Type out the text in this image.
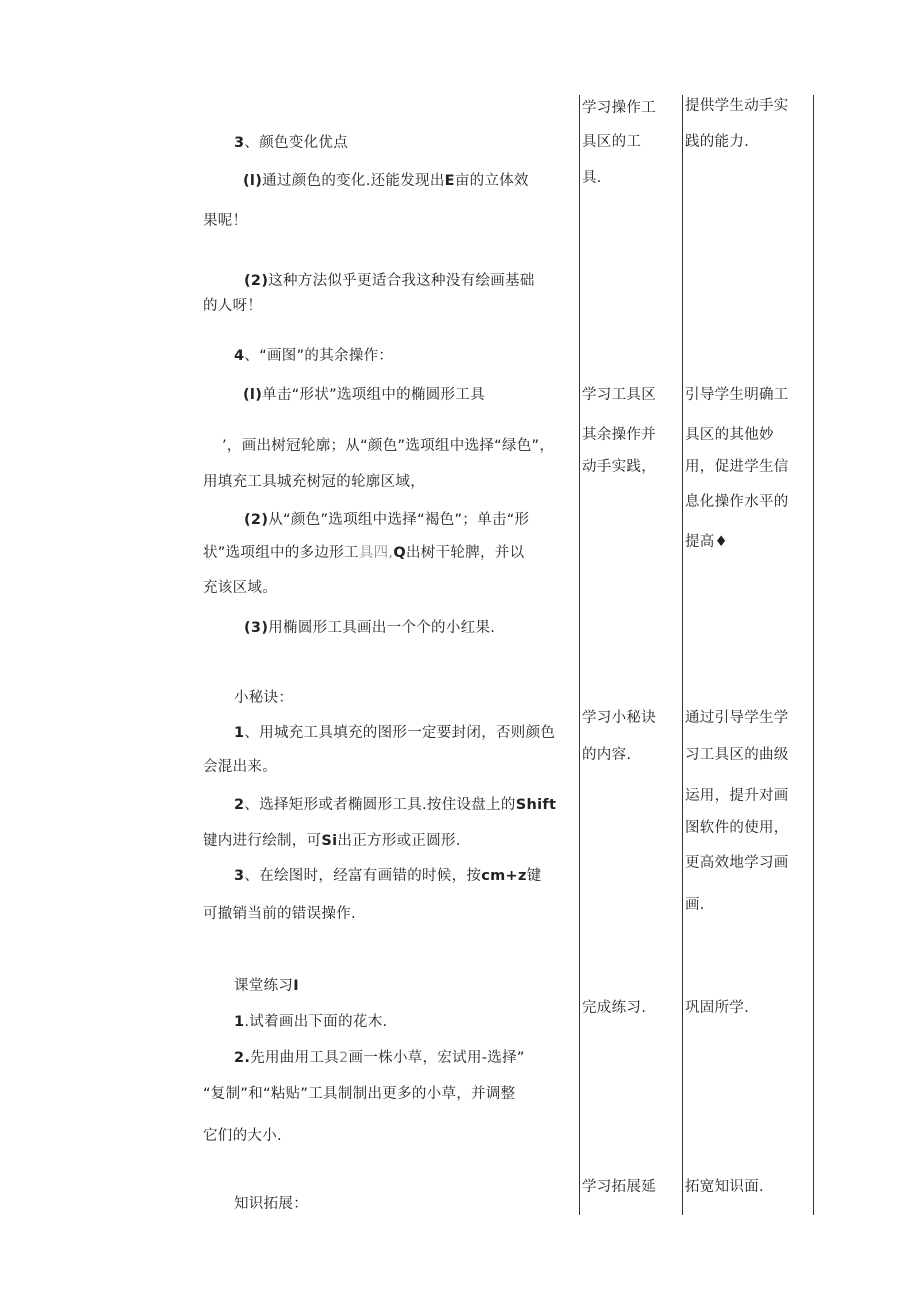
3、颜色变化优点
(l)通过颜色的变化.还能发现出E亩的立体效
果呢！
(2)这种方法似乎更适合我这种没有绘画基础
的人呀！
4、“画图”的其余操作：
(l)单击“形状”选项组中的椭圆形工具
’，画出树冠轮廓；从“颜色”选项组中选择“绿色”，
用填充工具城充树冠的轮廓区域，
(2)从“颜色”选项组中选择“褐色”；单击“形
状”选项组中的多边形工具四,Q出树干轮脾，并以
充该区域。
(3)用椭圆形工具画出一个个的小红果.
小秘诀：
1、用城充工具填充的图形一定要封闭，否则颜色
会混出来。
2、选择矩形或者椭圆形工具.按住设盘上的Shift
键内进行绘制，可Si出正方形或正圆形.
3、在绘图时，经富有画错的时候，按cm+z键
可撤销当前的错误操作.
课堂练习I
1.试着画出下面的花木.
2.先用曲用工具2画一株小草，宏试用-选择”
“复制”和“粘贴”工具制制出更多的小草，并调整
它们的大小.
知识拓展：
学习操作工
具区的工
具.
学习工具区
其余操作并
动手实践，
学习小秘诀
的内容.
完成练习.
学习拓展延
提供学生动手实
践的能力.
引导学生明确工
具区的其他妙
用，促进学生信
息化操作水平的
提高♦
通过引导学生学
习工具区的曲级
运用，提升对画
图软件的使用，
更高效地学习画
画.
巩固所学.
拓宽知识面.
